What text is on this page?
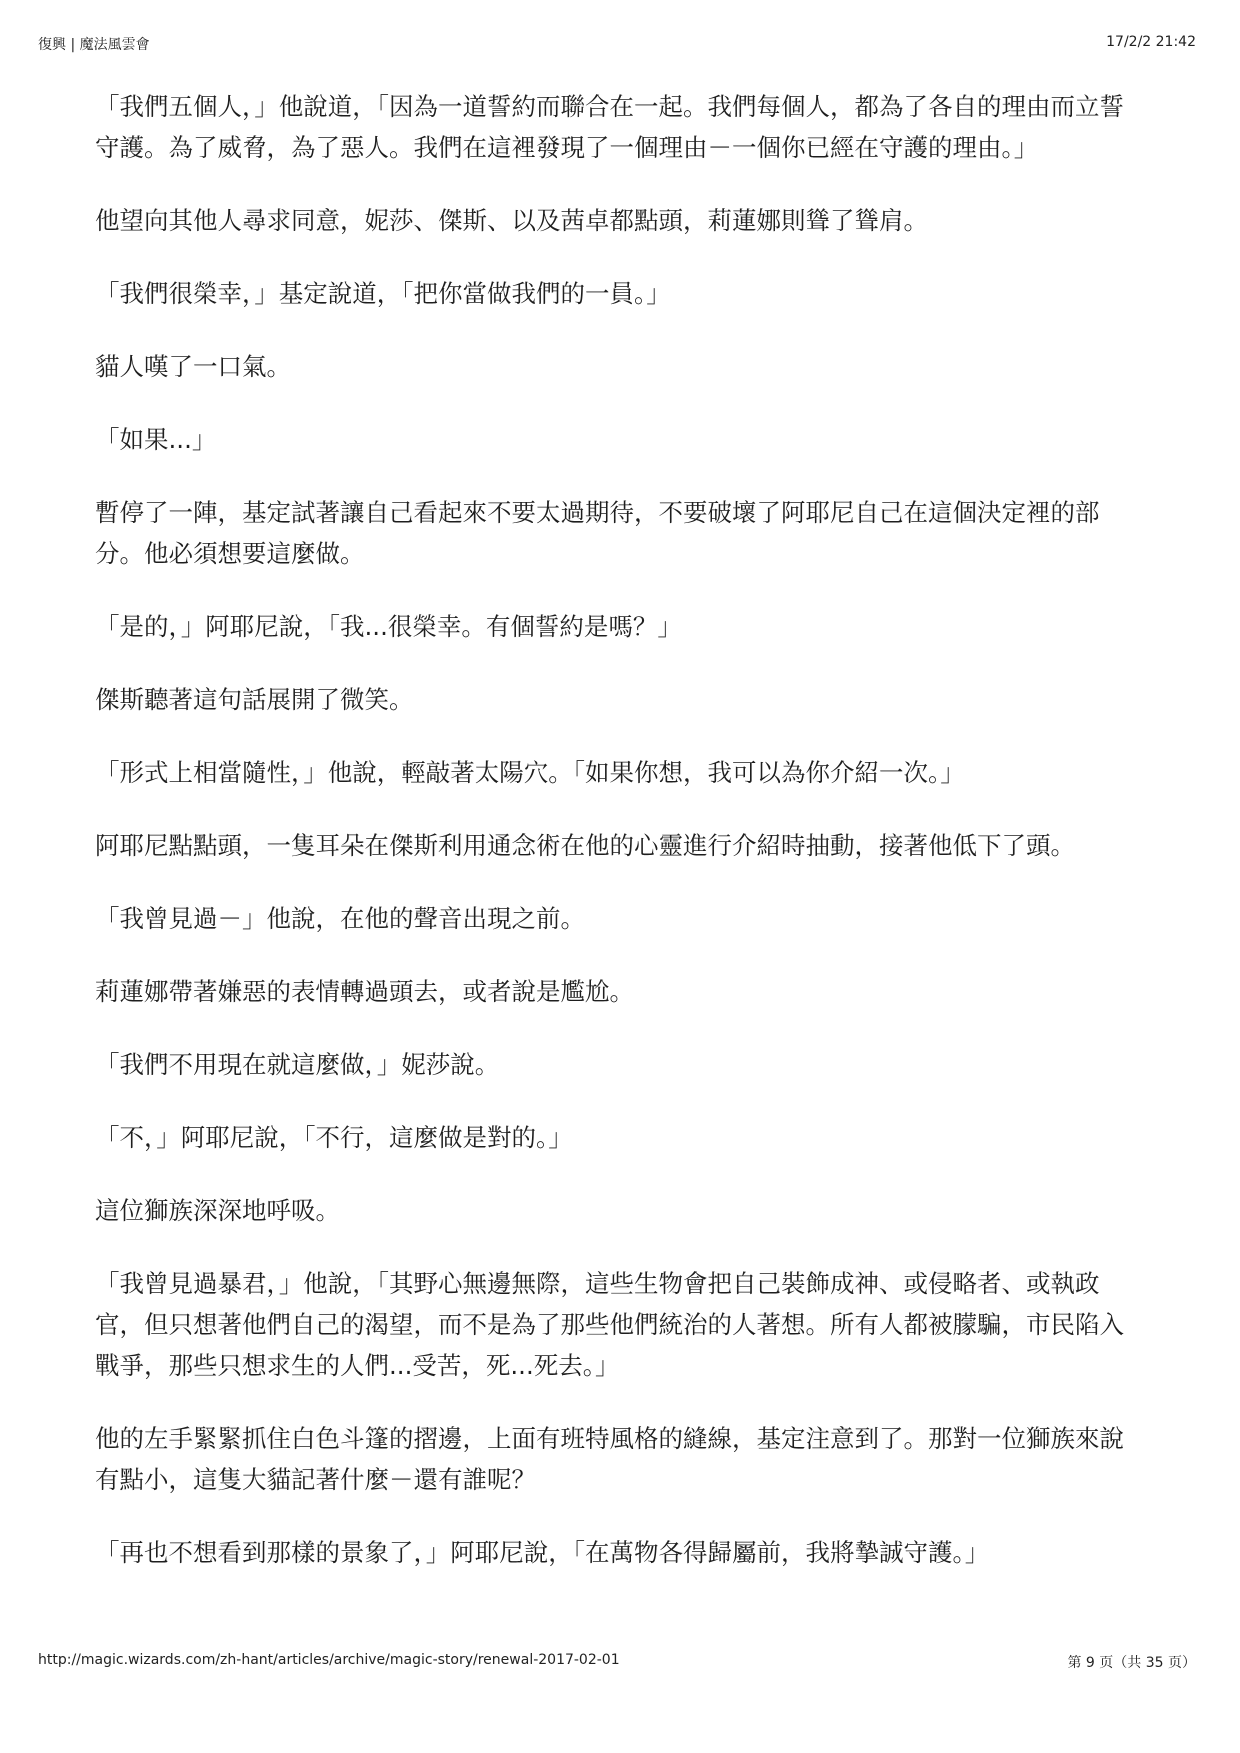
復興 | 魔法風雲會	17/2/2 21:42

「我們五個人，」他說道，「因為一道誓約而聯合在一起。我們每個人，都為了各自的理由而立誓守護。為了威脅，為了惡人。我們在這裡發現了一個理由－一個你已經在守護的理由。」

他望向其他人尋求同意，妮莎、傑斯、以及茜卓都點頭，莉蓮娜則聳了聳肩。

「我們很榮幸，」基定說道，「把你當做我們的一員。」

貓人嘆了一口氣。

「如果...」

暫停了一陣，基定試著讓自己看起來不要太過期待，不要破壞了阿耶尼自己在這個決定裡的部分。他必須想要這麼做。

「是的，」阿耶尼說，「我...很榮幸。有個誓約是嗎？」

傑斯聽著這句話展開了微笑。

「形式上相當隨性，」他說，輕敲著太陽穴。「如果你想，我可以為你介紹一次。」

阿耶尼點點頭，一隻耳朵在傑斯利用通念術在他的心靈進行介紹時抽動，接著他低下了頭。

「我曾見過－」他說，在他的聲音出現之前。

莉蓮娜帶著嫌惡的表情轉過頭去，或者說是尷尬。

「我們不用現在就這麼做，」妮莎說。

「不，」阿耶尼說，「不行，這麼做是對的。」

這位獅族深深地呼吸。

「我曾見過暴君，」他說，「其野心無邊無際，這些生物會把自己裝飾成神、或侵略者、或執政官，但只想著他們自己的渴望，而不是為了那些他們統治的人著想。所有人都被朦騙，市民陷入戰爭，那些只想求生的人們...受苦，死...死去。」

他的左手緊緊抓住白色斗篷的摺邊，上面有班特風格的縫線，基定注意到了。那對一位獅族來說有點小，這隻大貓記著什麼－還有誰呢？

「再也不想看到那樣的景象了，」阿耶尼說，「在萬物各得歸屬前，我將摯誠守護。」

http://magic.wizards.com/zh-hant/articles/archive/magic-story/renewal-2017-02-01	第 9 页（共 35 页）
